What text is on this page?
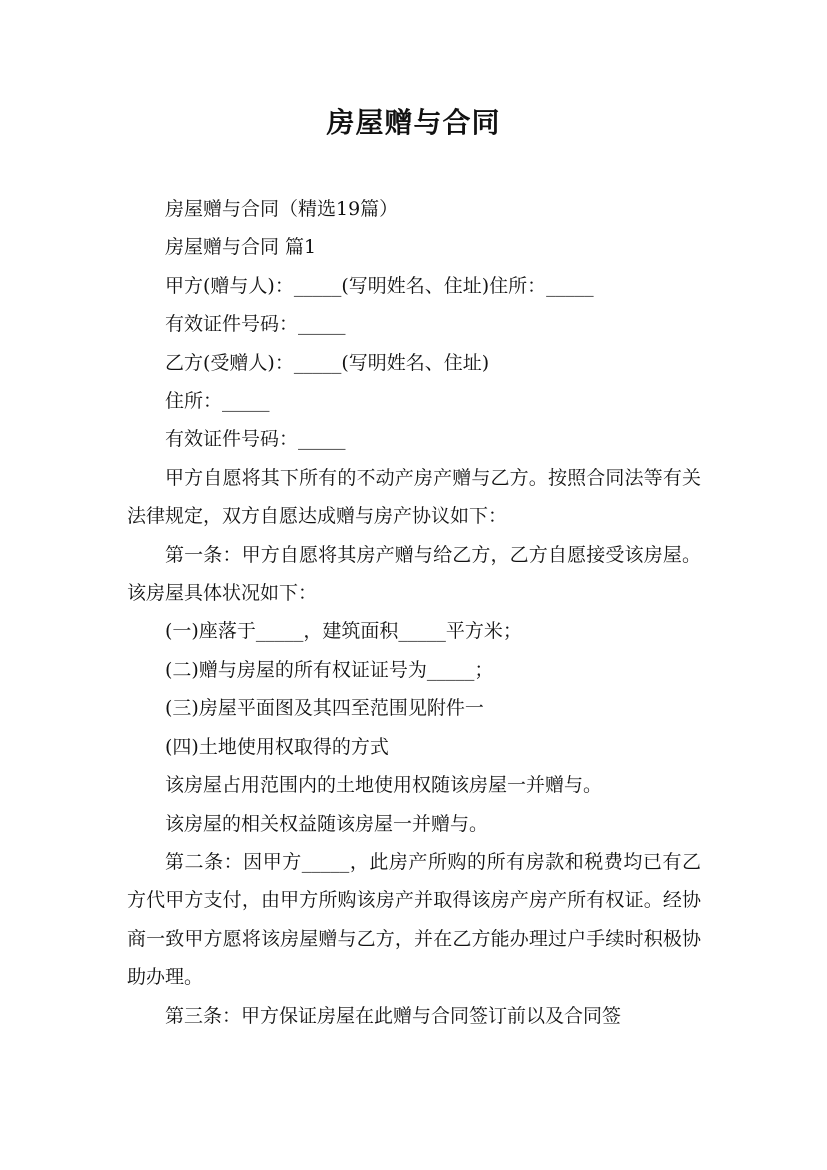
房屋赠与合同

房屋赠与合同（精选19篇）

房屋赠与合同 篇1

甲方(赠与人)：_____(写明姓名、住址)住所：_____

有效证件号码：_____

乙方(受赠人)：_____(写明姓名、住址)

住所：_____

有效证件号码：_____

甲方自愿将其下所有的不动产房产赠与乙方。按照合同法等有关法律规定，双方自愿达成赠与房产协议如下：

第一条：甲方自愿将其房产赠与给乙方，乙方自愿接受该房屋。该房屋具体状况如下：

(一)座落于_____，建筑面积_____平方米；

(二)赠与房屋的所有权证证号为_____；

(三)房屋平面图及其四至范围见附件一

(四)土地使用权取得的方式

该房屋占用范围内的土地使用权随该房屋一并赠与。

该房屋的相关权益随该房屋一并赠与。

第二条：因甲方_____，此房产所购的所有房款和税费均已有乙方代甲方支付，由甲方所购该房产并取得该房产房产所有权证。经协商一致甲方愿将该房屋赠与乙方，并在乙方能办理过户手续时积极协助办理。

第三条：甲方保证房屋在此赠与合同签订前以及合同签
